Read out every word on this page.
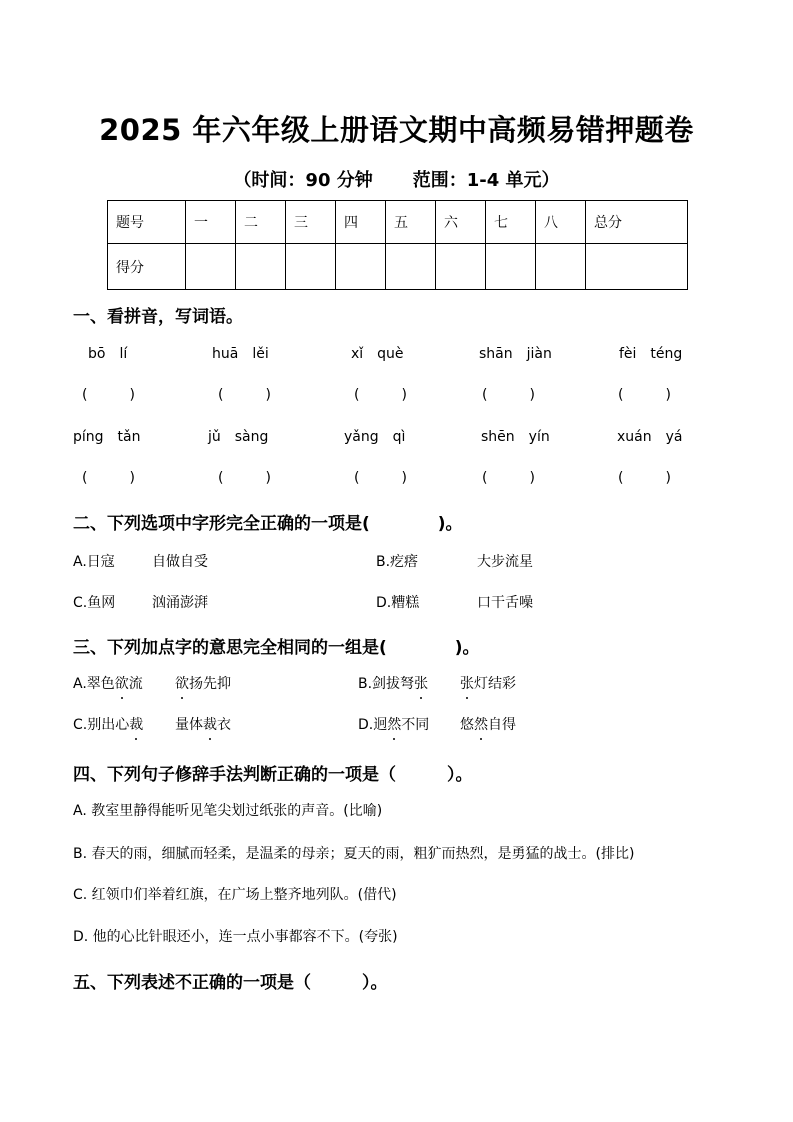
2025 年六年级上册语文期中高频易错押题卷
（时间：90 分钟 范围：1-4 单元）
题号	一	二	三	四	五	六	七	八	总分
得分									
一、看拼音，写词语。
bō　lí	huā　lěi	xǐ　què	shān　jiàn	fèi　téng
(　　　)	(　　　)	(　　　)	(　　　)	(　　　)
píng　tǎn	jǔ　sàng	yǎng　qì	shēn　yín	xuán　yá
(　　　)	(　　　)	(　　　)	(　　　)	(　　　)
二、下列选项中字形完全正确的一项是(　　　　)。
A.日寇	自做自受	B.疙瘩	大步流星
C.鱼网	汹涌澎湃	D.糟糕	口干舌噪
三、下列加点字的意思完全相同的一组是(　　　　)。
A.翠色欲流 欲扬先抑	B.剑拔弩张 张灯结彩
C.别出心裁 量体裁衣	D.迥然不同 悠然自得
四、下列句子修辞手法判断正确的一项是（　　　）。
A. 教室里静得能听见笔尖划过纸张的声音。(比喻)
B. 春天的雨，细腻而轻柔，是温柔的母亲；夏天的雨，粗犷而热烈，是勇猛的战士。(排比)
C. 红领巾们举着红旗，在广场上整齐地列队。(借代)
D. 他的心比针眼还小，连一点小事都容不下。(夸张)
五、下列表述不正确的一项是（　　　）。
